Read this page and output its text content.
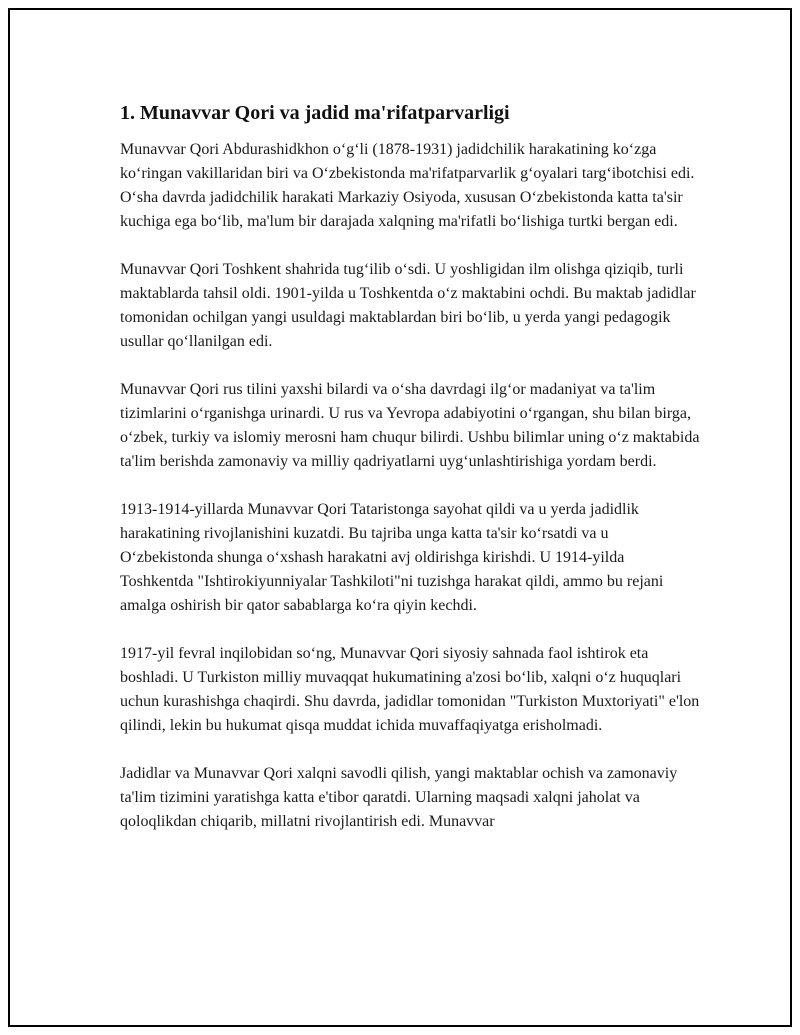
1. Munavvar Qori va jadid ma'rifatparvarligi

Munavvar Qori Abdurashidkhon o‘g‘li (1878-1931) jadidchilik harakatining ko‘zga ko‘ringan vakillaridan biri va O‘zbekistonda ma'rifatparvarlik g‘oyalari targ‘ibotchisi edi. O‘sha davrda jadidchilik harakati Markaziy Osiyoda, xususan O‘zbekistonda katta ta'sir kuchiga ega bo‘lib, ma'lum bir darajada xalqning ma'rifatli bo‘lishiga turtki bergan edi.

Munavvar Qori Toshkent shahrida tug‘ilib o‘sdi. U yoshligidan ilm olishga qiziqib, turli maktablarda tahsil oldi. 1901-yilda u Toshkentda o‘z maktabini ochdi. Bu maktab jadidlar tomonidan ochilgan yangi usuldagi maktablardan biri bo‘lib, u yerda yangi pedagogik usullar qo‘llanilgan edi.

Munavvar Qori rus tilini yaxshi bilardi va o‘sha davrdagi ilg‘or madaniyat va ta'lim tizimlarini o‘rganishga urinardi. U rus va Yevropa adabiyotini o‘rgangan, shu bilan birga, o‘zbek, turkiy va islomiy merosni ham chuqur bilirdi. Ushbu bilimlar uning o‘z maktabida ta'lim berishda zamonaviy va milliy qadriyatlarni uyg‘unlashtirishiga yordam berdi.

1913-1914-yillarda Munavvar Qori Tataristonga sayohat qildi va u yerda jadidlik harakatining rivojlanishini kuzatdi. Bu tajriba unga katta ta'sir ko‘rsatdi va u O‘zbekistonda shunga o‘xshash harakatni avj oldirishga kirishdi. U 1914-yilda Toshkentda "Ishtirokiyunniyalar Tashkiloti"ni tuzishga harakat qildi, ammo bu rejani amalga oshirish bir qator sabablarga ko‘ra qiyin kechdi.

1917-yil fevral inqilobidan so‘ng, Munavvar Qori siyosiy sahnada faol ishtirok eta boshladi. U Turkiston milliy muvaqqat hukumatining a'zosi bo‘lib, xalqni o‘z huquqlari uchun kurashishga chaqirdi. Shu davrda, jadidlar tomonidan "Turkiston Muxtoriyati" e'lon qilindi, lekin bu hukumat qisqa muddat ichida muvaffaqiyatga erisholmadi.

Jadidlar va Munavvar Qori xalqni savodli qilish, yangi maktablar ochish va zamonaviy ta'lim tizimini yaratishga katta e'tibor qaratdi. Ularning maqsadi xalqni jaholat va qoloqlikdan chiqarib, millatni rivojlantirish edi. Munavvar
